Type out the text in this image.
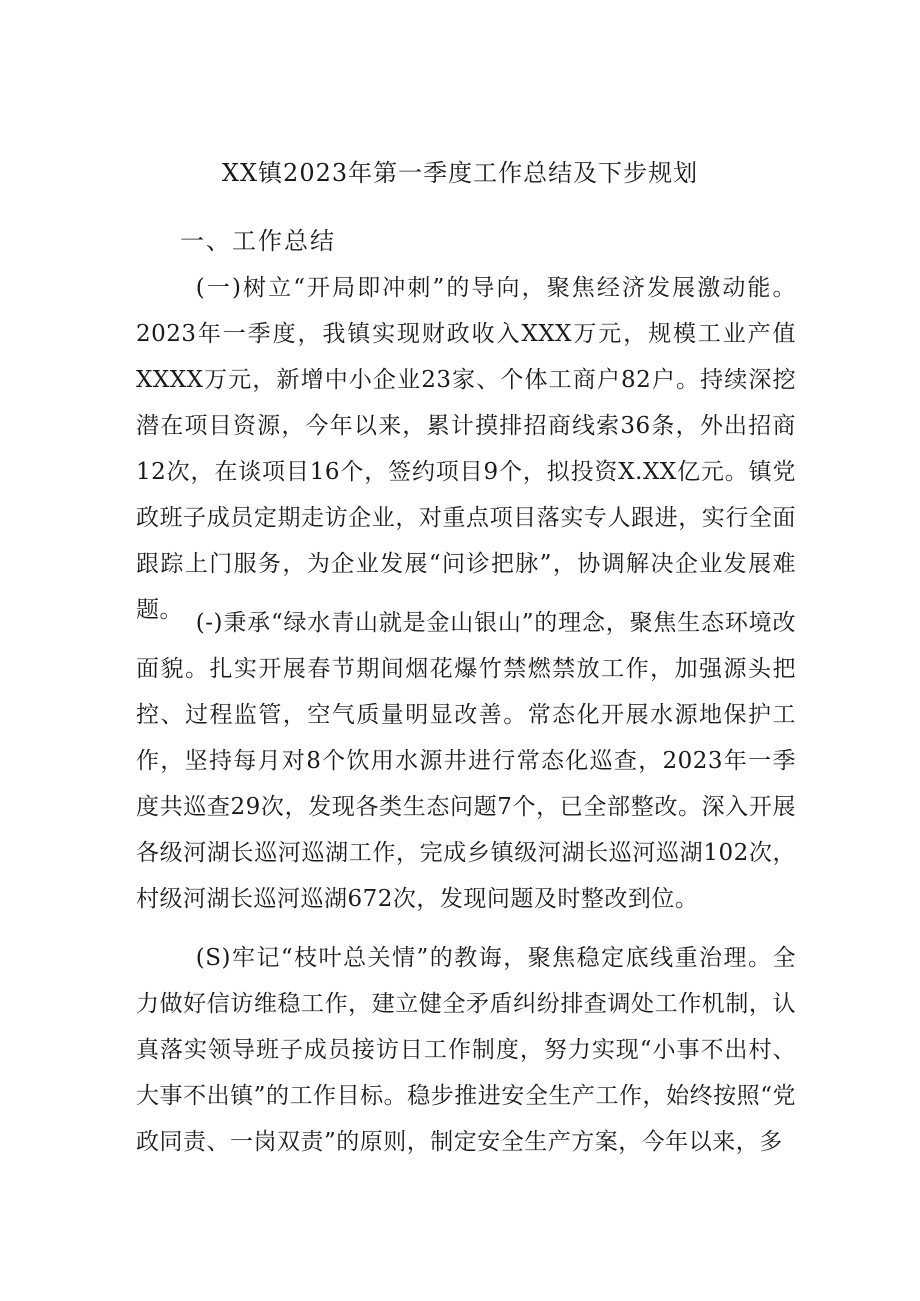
XX镇2023年第一季度工作总结及下步规划
一、工作总结

(一)树立“开局即冲刺”的导向，聚焦经济发展激动能。2023年一季度，我镇实现财政收入XXX万元，规模工业产值XXXX万元，新增中小企业23家、个体工商户82户。持续深挖潜在项目资源，今年以来，累计摸排招商线索36条，外出招商12次，在谈项目16个，签约项目9个，拟投资X.XX亿元。镇党政班子成员定期走访企业，对重点项目落实专人跟进，实行全面跟踪上门服务，为企业发展“问诊把脉”，协调解决企业发展难题。 (-)秉承“绿水青山就是金山银山”的理念，聚焦生态环境改面貌。扎实开展春节期间烟花爆竹禁燃禁放工作，加强源头把控、过程监管，空气质量明显改善。常态化开展水源地保护工作，坚持每月对8个饮用水源井进行常态化巡查，2023年一季度共巡查29次，发现各类生态问题7个，已全部整改。深入开展各级河湖长巡河巡湖工作，完成乡镇级河湖长巡河巡湖102次，村级河湖长巡河巡湖672次，发现问题及时整改到位。

(S)牢记“枝叶总关情”的教诲，聚焦稳定底线重治理。全力做好信访维稳工作，建立健全矛盾纠纷排查调处工作机制，认真落实领导班子成员接访日工作制度，努力实现“小事不出村、大事不出镇”的工作目标。稳步推进安全生产工作，始终按照“党政同责、一岗双责”的原则，制定安全生产方案，今年以来，多
